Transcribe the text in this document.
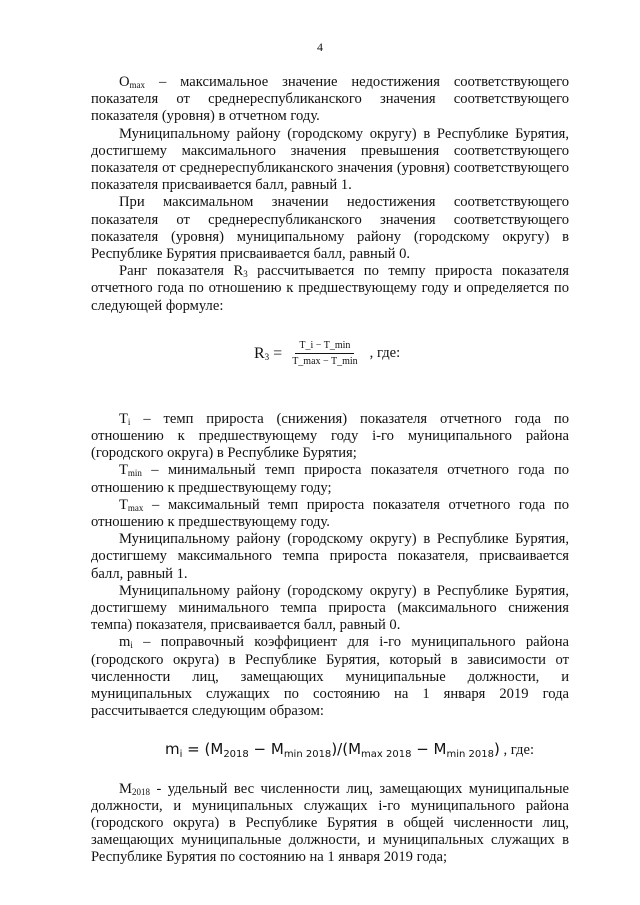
4

$O_{max}$ – максимальное значение недостижения соответствующего показателя от среднереспубликанского значения соответствующего показателя (уровня) в отчетном году.

Муниципальному району (городскому округу) в Республике Бурятия, достигшему максимального значения превышения соответствующего показателя от среднереспубликанского значения (уровня) соответствующего показателя присваивается балл, равный 1.

При максимальном значении недостижения соответствующего показателя от среднереспубликанского значения соответствующего показателя (уровня) муниципальному району (городскому округу) в Республике Бурятия присваивается балл, равный 0.

Ранг показателя $R_3$ рассчитывается по темпу прироста показателя отчетного года по отношению к предшествующему году и определяется по следующей формуле:

$R_3 = \frac{T\_i - T\_\min}{T\_\max - T\_\min}$ , где:

$T_i$ – темп прироста (снижения) показателя отчетного года по отношению к предшествующему году i-го муниципального района (городского округа) в Республике Бурятия;

$T_{min}$ – минимальный темп прироста показателя отчетного года по отношению к предшествующему году;

$T_{max}$ – максимальный темп прироста показателя отчетного года по отношению к предшествующему году.

Муниципальному району (городскому округу) в Республике Бурятия, достигшему максимального темпа прироста показателя, присваивается балл, равный 1.

Муниципальному району (городскому округу) в Республике Бурятия, достигшему минимального темпа прироста (максимального снижения темпа) показателя, присваивается балл, равный 0.

$m_i$ – поправочный коэффициент для i-го муниципального района (городского округа) в Республике Бурятия, который в зависимости от численности лиц, замещающих муниципальные должности, и муниципальных служащих по состоянию на 1 января 2019 года рассчитывается следующим образом:

$m_i = (M_{2018} - M_{min 2018})/(M_{max 2018} - M_{min 2018})$ , где:

$M_{2018}$ - удельный вес численности лиц, замещающих муниципальные должности, и муниципальных служащих i-го муниципального района (городского округа) в Республикe Бурятия в общей численности лиц, замещающих муниципальные должности, и муниципальных служащих в Республике Бурятия по состоянию на 1 января 2019 года;
